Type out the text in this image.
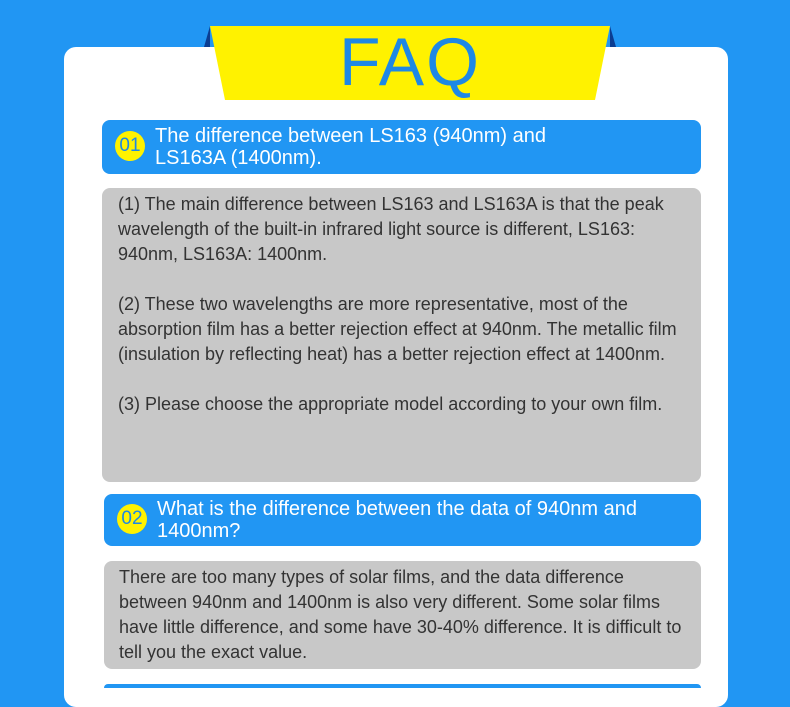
FAQ
01 The difference between LS163 (940nm) and LS163A (1400nm).

(1) The main difference between LS163 and LS163A is that the peak wavelength of the built-in infrared light source is different, LS163: 940nm, LS163A: 1400nm.

(2) These two wavelengths are more representative, most of the absorption film has a better rejection effect at 940nm. The metallic film (insulation by reflecting heat) has a better rejection effect at 1400nm.

(3) Please choose the appropriate model according to your own film.

02 What is the difference between the data of 940nm and 1400nm?

There are too many types of solar films, and the data difference between 940nm and 1400nm is also very different. Some solar films have little difference, and some have 30-40% difference. It is difficult to tell you the exact value.
